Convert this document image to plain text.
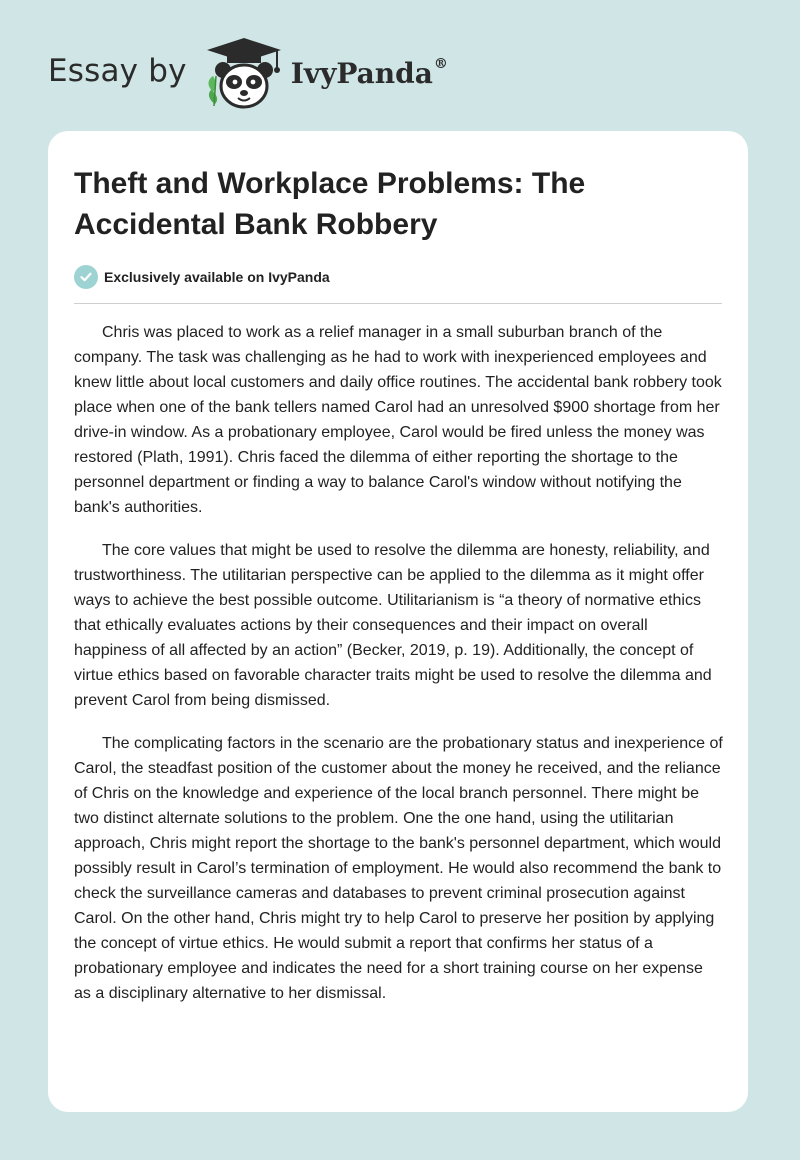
Essay by	IvyPanda®
Theft and Workplace Problems: The Accidental Bank Robbery
Exclusively available on IvyPanda

Chris was placed to work as a relief manager in a small suburban branch of the company. The task was challenging as he had to work with inexperienced employees and knew little about local customers and daily office routines. The accidental bank robbery took place when one of the bank tellers named Carol had an unresolved $900 shortage from her drive-in window. As a probationary employee, Carol would be fired unless the money was restored (Plath, 1991). Chris faced the dilemma of either reporting the shortage to the personnel department or finding a way to balance Carol's window without notifying the bank's authorities.

The core values that might be used to resolve the dilemma are honesty, reliability, and trustworthiness. The utilitarian perspective can be applied to the dilemma as it might offer ways to achieve the best possible outcome. Utilitarianism is “a theory of normative ethics that ethically evaluates actions by their consequences and their impact on overall happiness of all affected by an action” (Becker, 2019, p. 19). Additionally, the concept of virtue ethics based on favorable character traits might be used to resolve the dilemma and prevent Carol from being dismissed.

The complicating factors in the scenario are the probationary status and inexperience of Carol, the steadfast position of the customer about the money he received, and the reliance of Chris on the knowledge and experience of the local branch personnel. There might be two distinct alternate solutions to the problem. One the one hand, using the utilitarian approach, Chris might report the shortage to the bank's personnel department, which would possibly result in Carol’s termination of employment. He would also recommend the bank to check the surveillance cameras and databases to prevent criminal prosecution against Carol. On the other hand, Chris might try to help Carol to preserve her position by applying the concept of virtue ethics. He would submit a report that confirms her status of a probationary employee and indicates the need for a short training course on her expense as a disciplinary alternative to her dismissal.
